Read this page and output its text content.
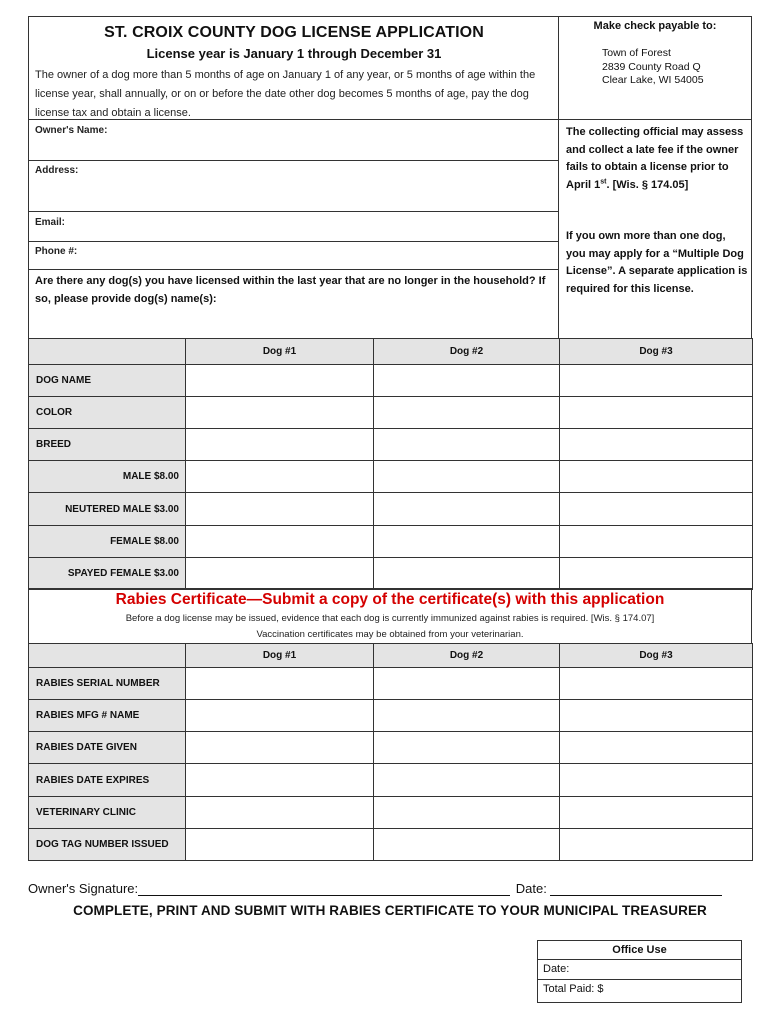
ST. CROIX COUNTY DOG LICENSE APPLICATION
License year is January 1 through December 31
The owner of a dog more than 5 months of age on January 1 of any year, or 5 months of age within the license year, shall annually, or on or before the date other dog becomes 5 months of age, pay the dog license tax and obtain a license.
Make check payable to:
Town of Forest
2839 County Road Q
Clear Lake, WI 54005
Owner's Name:
Address:
Email:
Phone #:
Are there any dog(s) you have licensed within the last year that are no longer in the household? If so, please provide dog(s) name(s):
The collecting official may assess and collect a late fee if the owner fails to obtain a license prior to April 1st. [Wis. § 174.05]
If you own more than one dog, you may apply for a “Multiple Dog License”. A separate application is required for this license.
	Dog #1	Dog #2	Dog #3
DOG NAME			
COLOR			
BREED			
MALE $8.00			
NEUTERED MALE $3.00			
FEMALE $8.00			
SPAYED FEMALE $3.00			
Rabies Certificate—Submit a copy of the certificate(s) with this application
Before a dog license may be issued, evidence that each dog is currently immunized against rabies is required. [Wis. § 174.07]
Vaccination certificates may be obtained from your veterinarian.
	Dog #1	Dog #2	Dog #3
RABIES SERIAL NUMBER			
RABIES MFG # NAME			
RABIES DATE GIVEN			
RABIES DATE EXPIRES			
VETERINARY CLINIC			
DOG TAG NUMBER ISSUED			
Owner's Signature:	Date:
COMPLETE, PRINT AND SUBMIT WITH RABIES CERTIFICATE TO YOUR MUNICIPAL TREASURER
Office Use
Date:
Total Paid: $
